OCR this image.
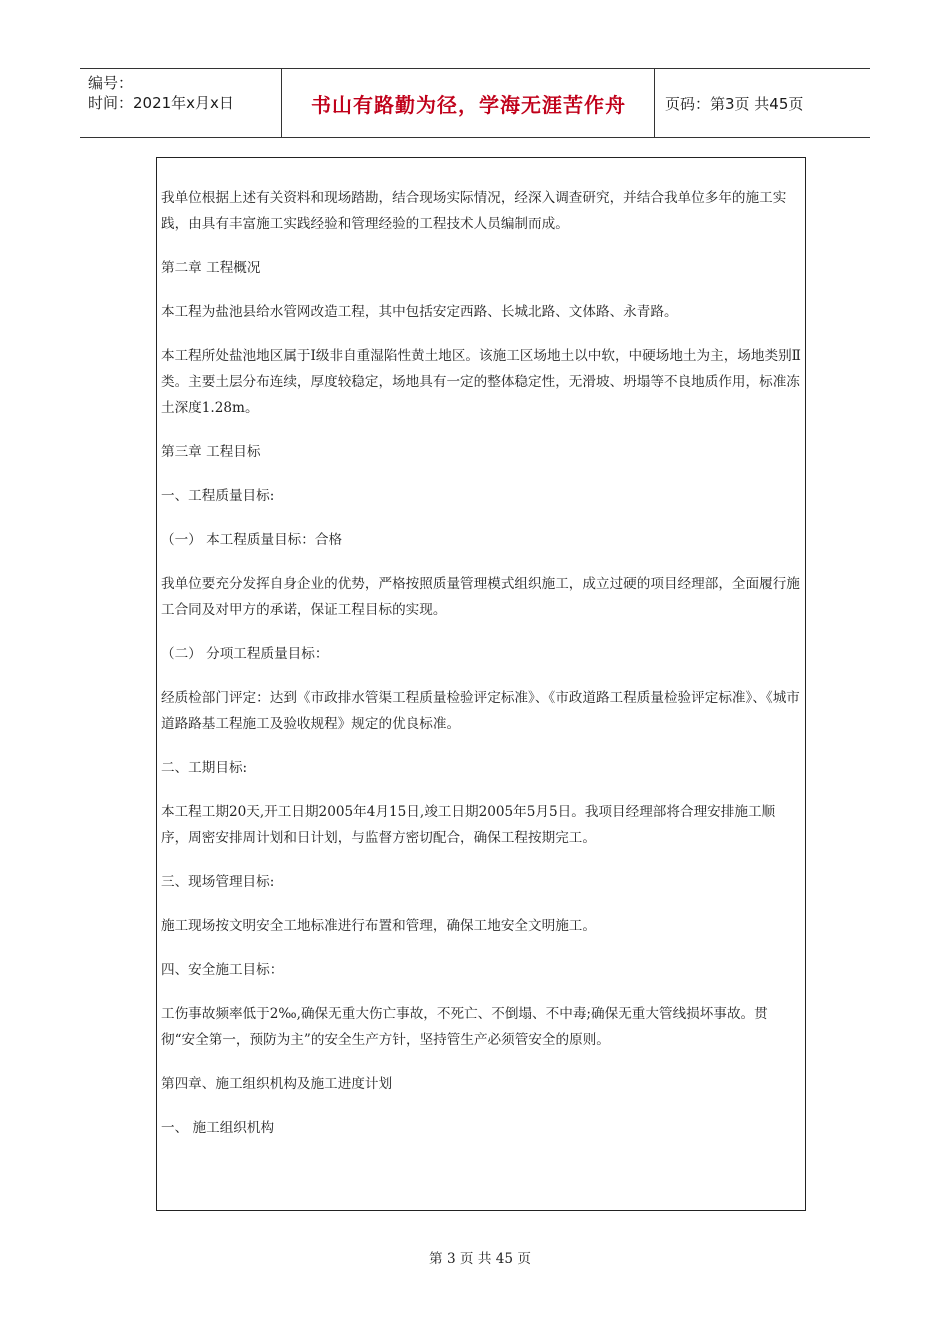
编号：
时间：2021年x月x日	书山有路勤为径，学海无涯苦作舟	页码：第3页 共45页

我单位根据上述有关资料和现场踏勘，结合现场实际情况，经深入调查研究，并结合我单位多年的施工实践，由具有丰富施工实践经验和管理经验的工程技术人员编制而成。

第二章 工程概况

本工程为盐池县给水管网改造工程，其中包括安定西路、长城北路、文体路、永青路。

本工程所处盐池地区属于Ⅰ级非自重湿陷性黄土地区。该施工区场地土以中软，中硬场地土为主，场地类别Ⅱ类。主要土层分布连续，厚度较稳定，场地具有一定的整体稳定性，无滑坡、坍塌等不良地质作用，标准冻土深度1.28m。

第三章 工程目标

一、工程质量目标:

（一） 本工程质量目标：合格

我单位要充分发挥自身企业的优势，严格按照质量管理模式组织施工，成立过硬的项目经理部，全面履行施工合同及对甲方的承诺，保证工程目标的实现。

（二） 分项工程质量目标：

经质检部门评定：达到《市政排水管渠工程质量检验评定标准》、《市政道路工程质量检验评定标准》、《城市道路路基工程施工及验收规程》规定的优良标准。

二、工期目标:

本工程工期20天,开工日期2005年4月15日,竣工日期2005年5月5日。我项目经理部将合理安排施工顺序，周密安排周计划和日计划，与监督方密切配合，确保工程按期完工。

三、现场管理目标:

施工现场按文明安全工地标准进行布置和管理，确保工地安全文明施工。

四、安全施工目标：

工伤事故频率低于2‰,确保无重大伤亡事故，不死亡、不倒塌、不中毒;确保无重大管线损坏事故。贯彻“安全第一，预防为主”的安全生产方针，坚持管生产必须管安全的原则。

第四章、施工组织机构及施工进度计划

一、 施工组织机构

第 3 页 共 45 页
